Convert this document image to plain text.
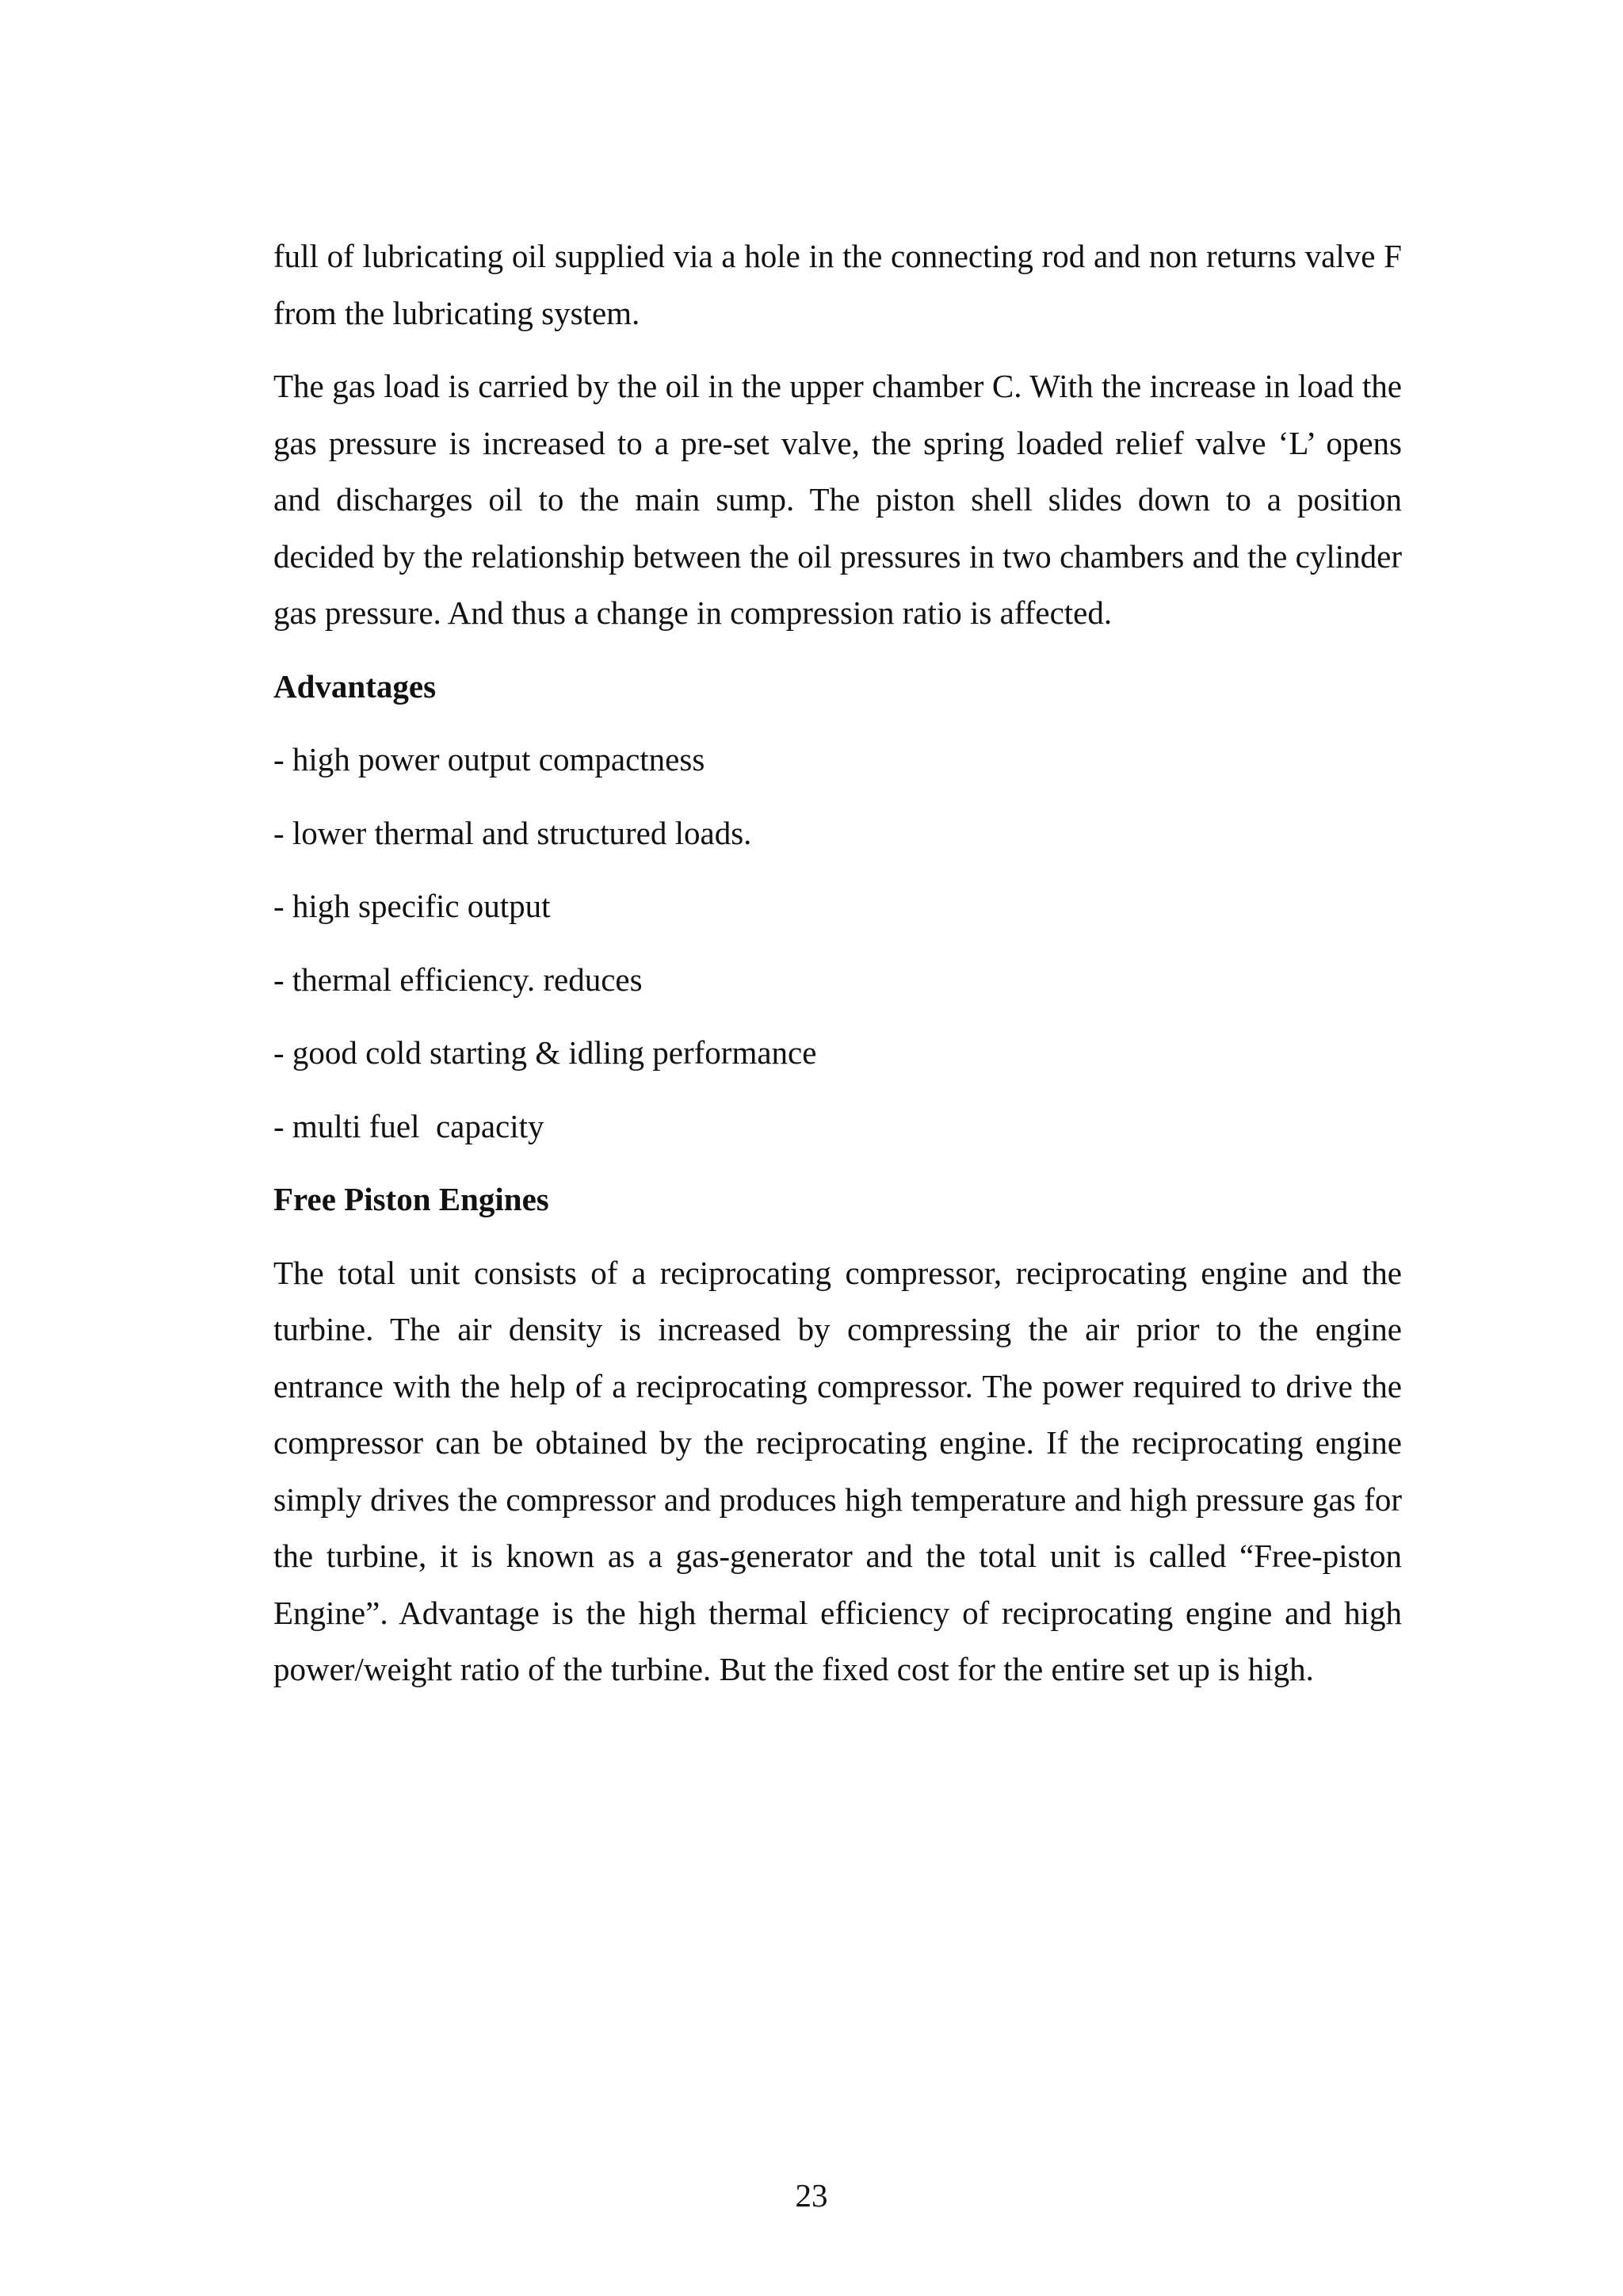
full of lubricating oil supplied via a hole in the connecting rod and non returns valve F from the lubricating system.

The gas load is carried by the oil in the upper chamber C. With the increase in load the gas pressure is increased to a pre-set valve, the spring loaded relief valve ‘L’ opens and discharges oil to the main sump. The piston shell slides down to a position decided by the relationship between the oil pressures in two chambers and the cylinder gas pressure. And thus a change in compression ratio is affected.

Advantages
- high power output compactness
- lower thermal and structured loads.
- high specific output
- thermal efficiency. reduces
- good cold starting & idling performance
- multi fuel  capacity
Free Piston Engines

The total unit consists of a reciprocating compressor, reciprocating engine and the turbine. The air density is increased by compressing the air prior to the engine entrance with the help of a reciprocating compressor. The power required to drive the compressor can be obtained by the reciprocating engine. If the reciprocating engine simply drives the compressor and produces high temperature and high pressure gas for the turbine, it is known as a gas-generator and the total unit is called “Free-piston Engine”. Advantage is the high thermal efficiency of reciprocating engine and high power/weight ratio of the turbine. But the fixed cost for the entire set up is high.

23
